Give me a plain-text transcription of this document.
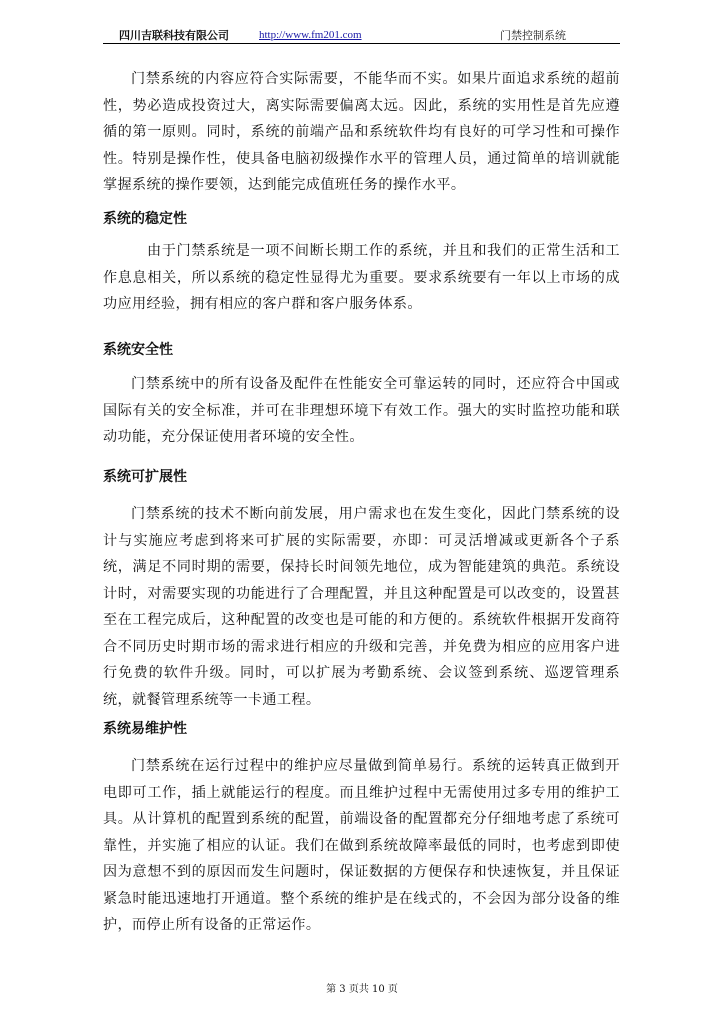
四川吉联科技有限公司	http://www.fm201.com	门禁控制系统

门禁系统的内容应符合实际需要，不能华而不实。如果片面追求系统的超前性，势必造成投资过大，离实际需要偏离太远。因此，系统的实用性是首先应遵循的第一原则。同时，系统的前端产品和系统软件均有良好的可学习性和可操作性。特别是操作性，使具备电脑初级操作水平的管理人员，通过简单的培训就能掌握系统的操作要领，达到能完成值班任务的操作水平。

系统的稳定性

由于门禁系统是一项不间断长期工作的系统，并且和我们的正常生活和工作息息相关，所以系统的稳定性显得尤为重要。要求系统要有一年以上市场的成功应用经验，拥有相应的客户群和客户服务体系。

系统安全性

门禁系统中的所有设备及配件在性能安全可靠运转的同时，还应符合中国或国际有关的安全标准，并可在非理想环境下有效工作。强大的实时监控功能和联动功能，充分保证使用者环境的安全性。

系统可扩展性

门禁系统的技术不断向前发展，用户需求也在发生变化，因此门禁系统的设计与实施应考虑到将来可扩展的实际需要，亦即：可灵活增减或更新各个子系统，满足不同时期的需要，保持长时间领先地位，成为智能建筑的典范。系统设计时，对需要实现的功能进行了合理配置，并且这种配置是可以改变的，设置甚至在工程完成后，这种配置的改变也是可能的和方便的。系统软件根据开发商符合不同历史时期市场的需求进行相应的升级和完善，并免费为相应的应用客户进行免费的软件升级。同时，可以扩展为考勤系统、会议签到系统、巡逻管理系统，就餐管理系统等一卡通工程。

系统易维护性

门禁系统在运行过程中的维护应尽量做到简单易行。系统的运转真正做到开电即可工作，插上就能运行的程度。而且维护过程中无需使用过多专用的维护工具。从计算机的配置到系统的配置，前端设备的配置都充分仔细地考虑了系统可靠性，并实施了相应的认证。我们在做到系统故障率最低的同时，也考虑到即使因为意想不到的原因而发生问题时，保证数据的方便保存和快速恢复，并且保证紧急时能迅速地打开通道。整个系统的维护是在线式的，不会因为部分设备的维护，而停止所有设备的正常运作。

第 3 页共 10 页
